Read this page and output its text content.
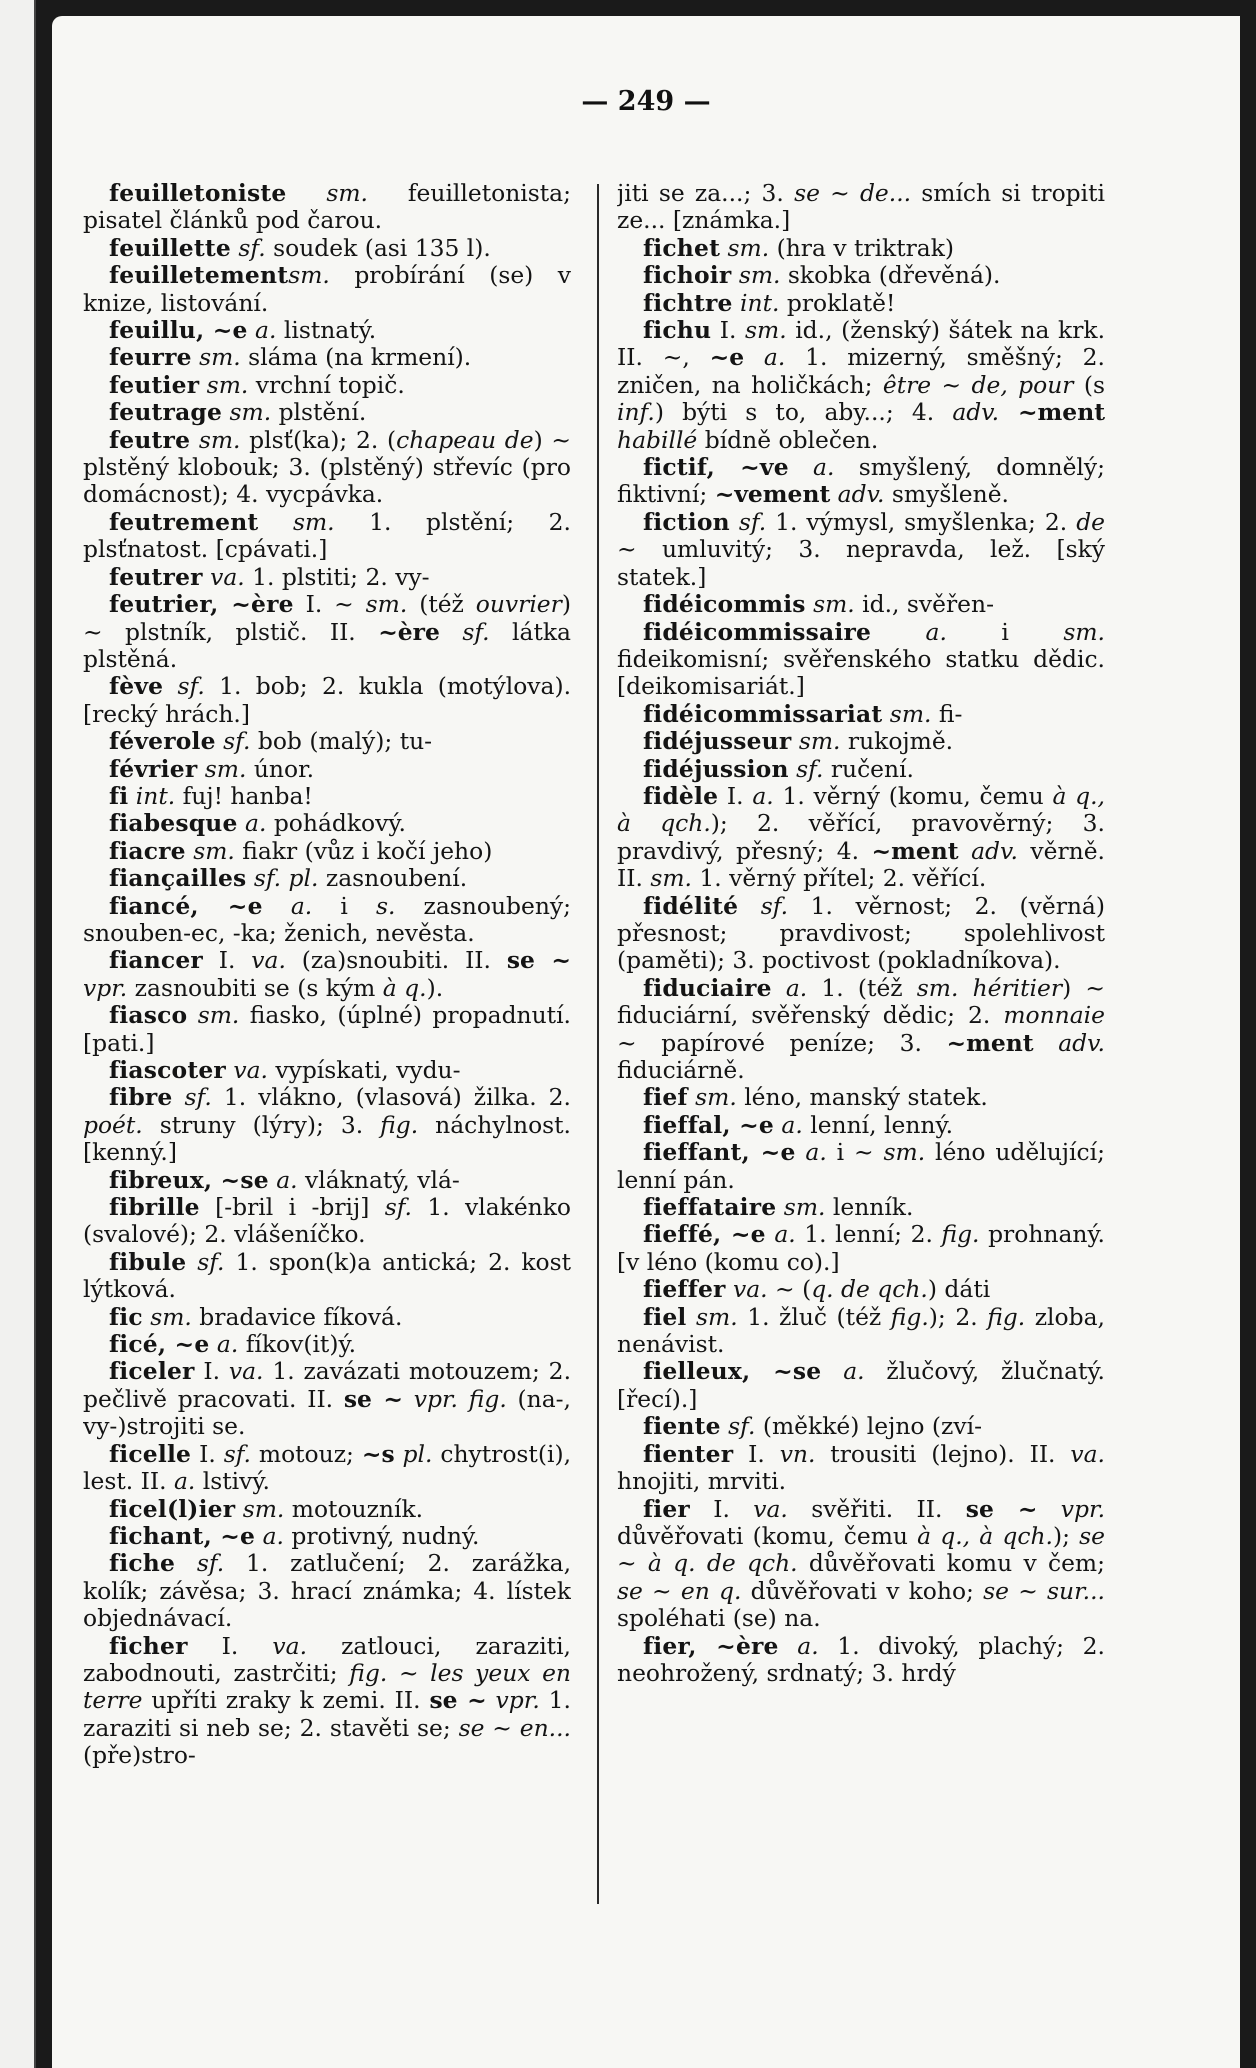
— 249 —

feuilletoniste sm. feuilletonista; pisatel článků pod čarou.

feuillette sf. soudek (asi 135 l).

feuilletementsm. probírání (se) v knize, listování.

feuillu, ~e a. listnatý.

feurre sm. sláma (na krmení).

feutier sm. vrchní topič.

feutrage sm. plstění.

feutre sm. plsť(ka); 2. (chapeau de) ~ plstěný klobouk; 3. (plstěný) střevíc (pro domácnost); 4. vycpávka.

feutrement sm. 1. plstění; 2. plsťnatost. [cpávati.]

feutrer va. 1. plstiti; 2. vy-

feutrier, ~ère I. ~ sm. (též ouvrier) ~ plstník, plstič. II. ~ère sf. látka plstěná.

fève sf. 1. bob; 2. kukla (motýlova). [recký hrách.]

féverole sf. bob (malý); tu-

février sm. únor.

fi int. fuj! hanba!

fiabesque a. pohádkový.

fiacre sm. fiakr (vůz i kočí jeho)

fiançailles sf. pl. zasnoubení.

fiancé, ~e a. i s. zasnoubený; snouben-ec, -ka; ženich, nevěsta.

fiancer I. va. (za)snoubiti. II. se ~ vpr. zasnoubiti se (s kým à q.).

fiasco sm. fiasko, (úplné) propadnutí. [pati.]

fiascoter va. vypískati, vydu-

fibre sf. 1. vlákno, (vlasová) žilka. 2. poét. struny (lýry); 3. fig. náchylnost. [kenný.]

fibreux, ~se a. vláknatý, vlá-

fibrille [-bril i -brij] sf. 1. vlakénko (svalové); 2. vlášeníčko.

fibule sf. 1. spon(k)a antická; 2. kost lýtková.

fic sm. bradavice fíková.

ficé, ~e a. fíkov(it)ý.

ficeler I. va. 1. zavázati motouzem; 2. pečlivě pracovati. II. se ~ vpr. fig. (na-, vy-)strojiti se.

ficelle I. sf. motouz; ~s pl. chytrost(i), lest. II. a. lstivý.

ficel(l)ier sm. motouzník.

fichant, ~e a. protivný, nudný.

fiche sf. 1. zatlučení; 2. zarážka, kolík; závěsa; 3. hrací známka; 4. lístek objednávací.

ficher I. va. zatlouci, zaraziti, zabodnouti, zastrčiti; fig. ~ les yeux en terre upříti zraky k zemi. II. se ~ vpr. 1. zaraziti si neb se; 2. stavěti se; se ~ en... (pře)stro-

jiti se za...; 3. se ~ de... smích si tropiti ze... [známka.]

fichet sm. (hra v triktrak)

fichoir sm. skobka (dřevěná).

fichtre int. proklatě!

fichu I. sm. id., (ženský) šátek na krk. II. ~, ~e a. 1. mizerný, směšný; 2. zničen, na holičkách; être ~ de, pour (s inf.) býti s to, aby...; 4. adv. ~ment habillé bídně oblečen.

fictif, ~ve a. smyšlený, domnělý; fiktivní; ~vement adv. smyšleně.

fiction sf. 1. výmysl, smyšlenka; 2. de ~ umluvitý; 3. nepravda, lež. [ský statek.]

fidéicommis sm. id., svěřen-

fidéicommissaire a. i sm. fideikomisní; svěřenského statku dědic. [deikomisariát.]

fidéicommissariat sm. fi-

fidéjusseur sm. rukojmě.

fidéjussion sf. ručení.

fidèle I. a. 1. věrný (komu, čemu à q., à qch.); 2. věřící, pravověrný; 3. pravdivý, přesný; 4. ~ment adv. věrně. II. sm. 1. věrný přítel; 2. věřící.

fidélité sf. 1. věrnost; 2. (věrná) přesnost; pravdivost; spolehlivost (paměti); 3. poctivost (pokladníkova).

fiduciaire a. 1. (též sm. héritier) ~ fiduciární, svěřenský dědic; 2. monnaie ~ papírové peníze; 3. ~ment adv. fiduciárně.

fief sm. léno, manský statek.

fieffal, ~e a. lenní, lenný.

fieffant, ~e a. i ~ sm. léno udělující; lenní pán.

fieffataire sm. lenník.

fieffé, ~e a. 1. lenní; 2. fig. prohnaný. [v léno (komu co).]

fieffer va. ~ (q. de qch.) dáti

fiel sm. 1. žluč (též fig.); 2. fig. zloba, nenávist.

fielleux, ~se a. žlučový, žlučnatý. [řecí).]

fiente sf. (měkké) lejno (zví-

fienter I. vn. trousiti (lejno). II. va. hnojiti, mrviti.

fier I. va. svěřiti. II. se ~ vpr. důvěřovati (komu, čemu à q., à qch.); se ~ à q. de qch. důvěřovati komu v čem; se ~ en q. důvěřovati v koho; se ~ sur... spoléhati (se) na.

fier, ~ère a. 1. divoký, plachý; 2. neohrožený, srdnatý; 3. hrdý
